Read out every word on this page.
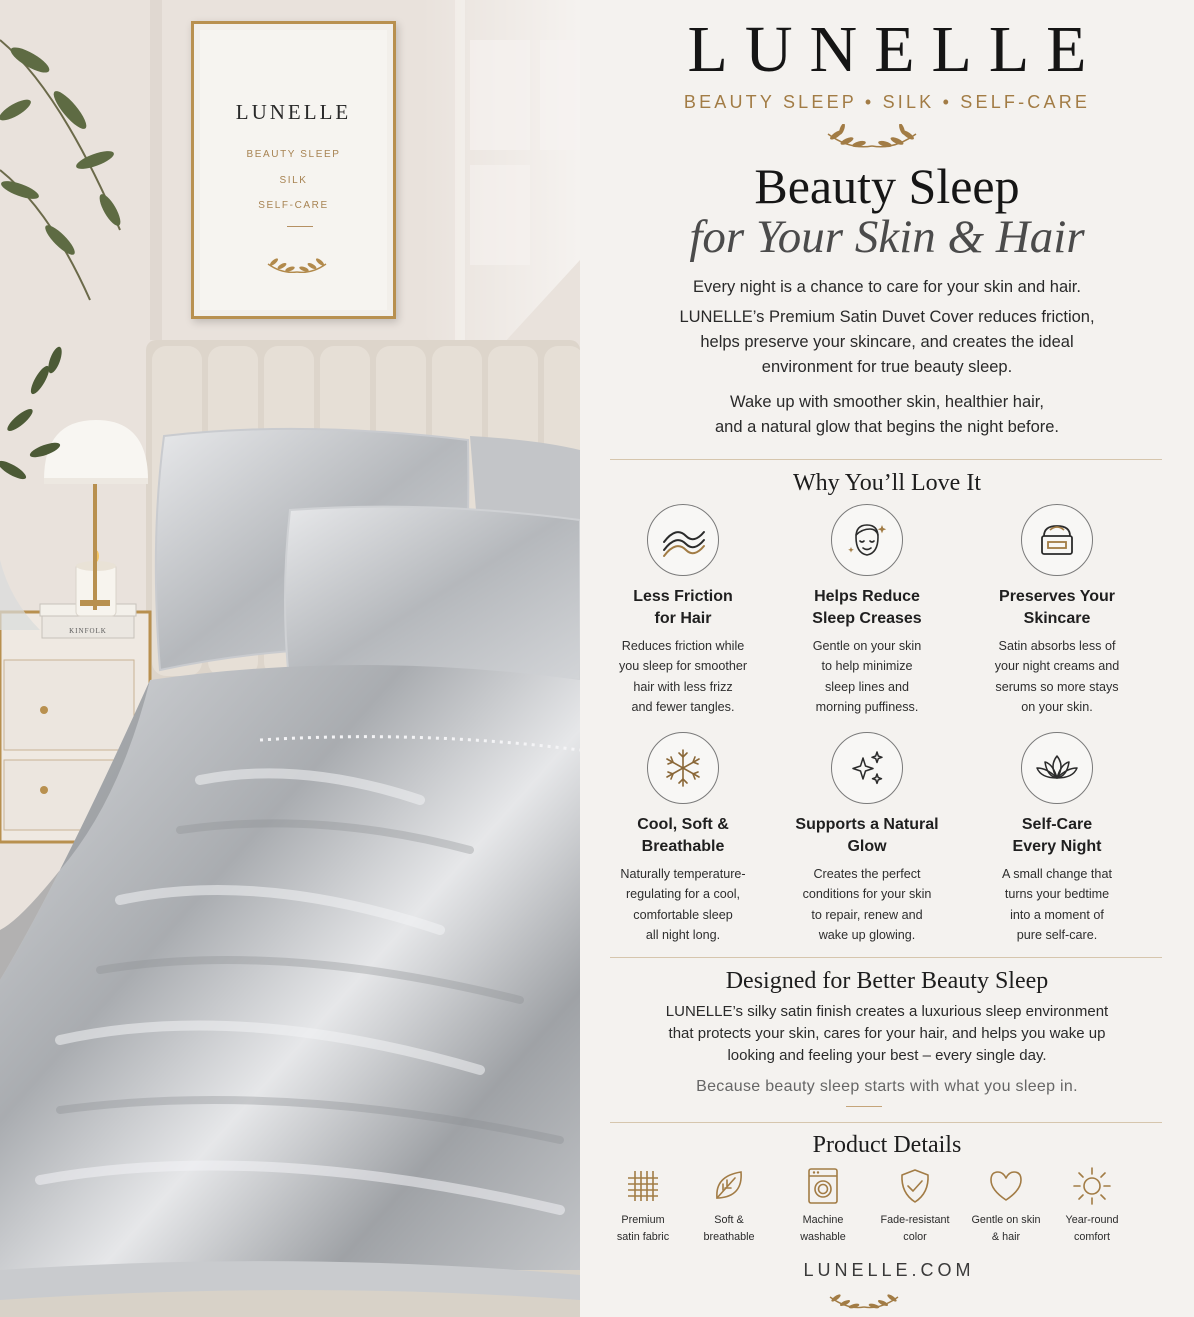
LUNELLE
BEAUTY SLEEP
SILK
SELF-CARE
KINFOLK
LUNELLE
BEAUTY SLEEP • SILK • SELF-CARE
Beauty Sleep
for Your Skin & Hair
Every night is a chance to care for your skin and hair.
LUNELLE’s Premium Satin Duvet Cover reduces friction,
helps preserve your skincare, and creates the ideal
environment for true beauty sleep.
Wake up with smoother skin, healthier hair,
and a natural glow that begins the night before.
Why You’ll Love It
Less Friction
for Hair
Reduces friction while
you sleep for smoother
hair with less frizz
and fewer tangles.
Helps Reduce
Sleep Creases
Gentle on your skin
to help minimize
sleep lines and
morning puffiness.
Preserves Your
Skincare
Satin absorbs less of
your night creams and
serums so more stays
on your skin.
Cool, Soft &
Breathable
Naturally temperature-
regulating for a cool,
comfortable sleep
all night long.
Supports a Natural
Glow
Creates the perfect
conditions for your skin
to repair, renew and
wake up glowing.
Self-Care
Every Night
A small change that
turns your bedtime
into a moment of
pure self-care.
Designed for Better Beauty Sleep
LUNELLE’s silky satin finish creates a luxurious sleep environment
that protects your skin, cares for your hair, and helps you wake up
looking and feeling your best – every single day.
Because beauty sleep starts with what you sleep in.
Product Details
Premium
satin fabric
Soft &
breathable
Machine
washable
Fade-resistant
color
Gentle on skin
& hair
Year-round
comfort
LUNELLE.COM
